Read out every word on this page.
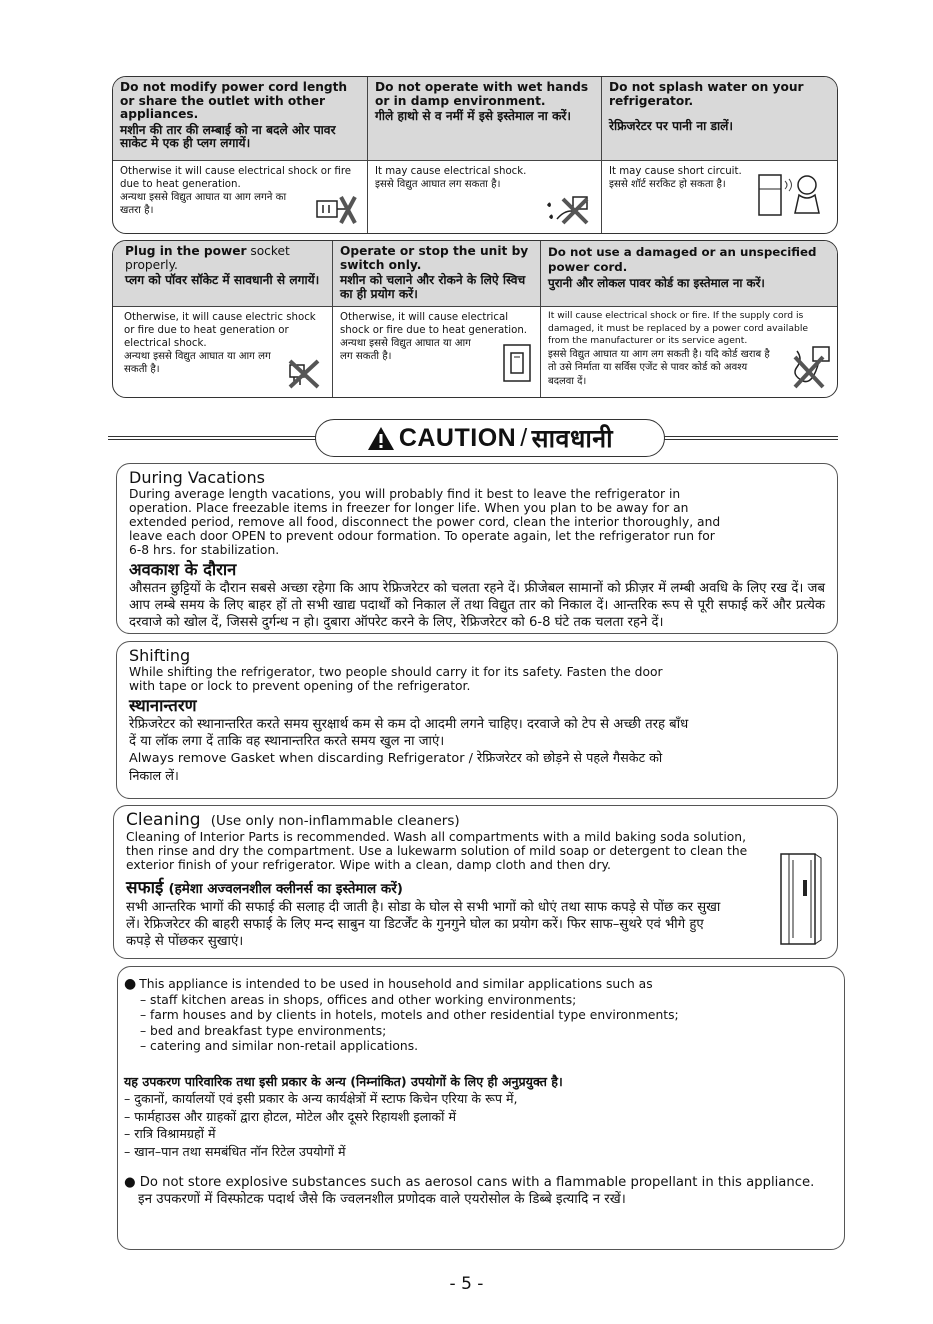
Do not modify power cord length or share the outlet with other appliances.
मशीन की तार की लम्बाई को ना बदले ओर पावर साकेट मे एक ही प्लग लगायें।
Otherwise it will cause electrical shock or fire due to heat generation.
अन्यथा इससे विद्युत आघात या आग लगने का खतरा है।
Do not operate with wet hands or in damp environment.
गीले हाथो से व नमीं में इसे इस्तेमाल ना करें।
It may cause electrical shock.
इससे विद्युत आघात लग सकता है।
Do not splash water on your refrigerator.
रेफ्रिजरेटर पर पानी ना डालें।
It may cause short circuit.
इससे शॉर्ट सरकिट हो सकता है।
Plug in the power socket properly.
प्लग को पॉवर सॉकेट में सावधानी से लगायें।
Otherwise, it will cause electric shock or fire due to heat generation or electrical shock.
अन्यथा इससे विद्युत आघात या आग लग सकती है।
Operate or stop the unit by switch only.
मशीन को चलाने और रोकने के लिऐ स्विच का ही प्रयोग करें।
Otherwise, it will cause electrical shock or fire due to heat generation.
अन्यथा इससे विद्युत आघात या आग लग सकती है।
Do not use a damaged or an unspecified power cord.
पुरानी और लोकल पावर कोर्ड का इस्तेमाल ना करें।
It will cause electrical shock or fire. If the supply cord is damaged, it must be replaced by a power cord available from the manufacturer or its service agent.
इससे विद्युत आघात या आग लग सकती है। यदि कोर्ड खराब है तो उसे निर्माता या सर्विस एजेंट से पावर कोर्ड को अवश्य बदलवा दें।
CAUTION / सावधानी
During Vacations
During average length vacations, you will probably find it best to leave the refrigerator in operation. Place freezable items in freezer for longer life. When you plan to be away for an extended period, remove all food, disconnect the power cord, clean the interior thoroughly, and leave each door OPEN to prevent odour formation. To operate again, let the refrigerator run for 6-8 hrs. for stabilization.
अवकाश के दौरान
औसतन छुट्टियों के दौरान सबसे अच्छा रहेगा कि आप रेफ्रिजरेटर को चलता रहने दें। फ्रीजेबल सामानों को फ्रीज़र में लम्बी अवधि के लिए रख दें। जब आप लम्बे समय के लिए बाहर हों तो सभी खाद्य पदार्थों को निकाल लें तथा विद्युत तार को निकाल दें। आन्तरिक रूप से पूरी सफाई करें और प्रत्येक दरवाजे को खोल दें, जिससे दुर्गन्ध न हो। दुबारा ऑपरेट करने के लिए, रेफ्रिजरेटर को 6-8 घंटे तक चलता रहने दें।
Shifting
While shifting the refrigerator, two people should carry it for its safety. Fasten the door with tape or lock to prevent opening of the refrigerator.
स्थानान्तरण
रेफ्रिजरेटर को स्थानान्तरित करते समय सुरक्षार्थ कम से कम दो आदमी लगने चाहिए। दरवाजे को टेप से अच्छी तरह बाँध दें या लॉक लगा दें ताकि वह स्थानान्तरित करते समय खुल ना जाएं।
Always remove Gasket when discarding Refrigerator / रेफ्रिजरेटर को छोड़ने से पहले गैसकेट को निकाल लें।
Cleaning (Use only non-inflammable cleaners)
Cleaning of Interior Parts is recommended. Wash all compartments with a mild baking soda solution, then rinse and dry the compartment. Use a lukewarm solution of mild soap or detergent to clean the exterior finish of your refrigerator. Wipe with a clean, damp cloth and then dry.
सफाई (हमेशा अज्वलनशील क्लीनर्स का इस्तेमाल करें)
सभी आन्तरिक भागों की सफाई की सलाह दी जाती है। सोडा के घोल से सभी भागों को धोएं तथा साफ कपड़े से पोंछ कर सुखा लें। रेफ्रिजरेटर की बाहरी सफाई के लिए मन्द साबुन या डिटर्जेंट के गुनगुने घोल का प्रयोग करें। फिर साफ–सुथरे एवं भीगे हुए कपड़े से पोंछकर सुखाएं।
● This appliance is intended to be used in household and similar applications such as
– staff kitchen areas in shops, offices and other working environments;
– farm houses and by clients in hotels, motels and other residential type environments;
– bed and breakfast type environments;
– catering and similar non-retail applications.
यह उपकरण पारिवारिक तथा इसी प्रकार के अन्य (निम्नांकित) उपयोगों के लिए ही अनुप्रयुक्त है।
– दुकानों, कार्यालयों एवं इसी प्रकार के अन्य कार्यक्षेत्रों में स्टाफ किचेन एरिया के रूप में,
– फार्महाउस और ग्राहकों द्वारा होटल, मोटेल और दूसरे रिहायशी इलाकों में
– रात्रि विश्रामग्रहों में
– खान–पान तथा समबंधित नॉन रिटेल उपयोगों में
● Do not store explosive substances such as aerosol cans with a flammable propellant in this appliance.
इन उपकरणों में विस्फोटक पदार्थ जैसे कि ज्वलनशील प्रणोदक वाले एयरोसोल के डिब्बे इत्यादि न रखें।
- 5 -
